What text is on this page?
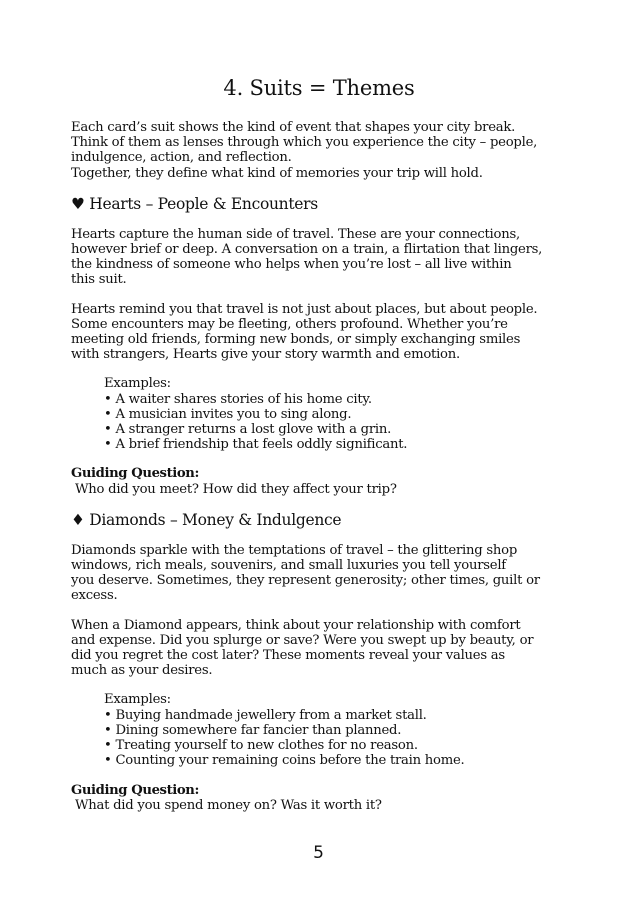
4. Suits = Themes

Each card’s suit shows the kind of event that shapes your city break.
Think of them as lenses through which you experience the city – people,
indulgence, action, and reflection.
Together, they define what kind of memories your trip will hold.

♥ Hearts – People & Encounters

Hearts capture the human side of travel. These are your connections,
however brief or deep. A conversation on a train, a flirtation that lingers,
the kindness of someone who helps when you’re lost – all live within
this suit.

Hearts remind you that travel is not just about places, but about people.
Some encounters may be fleeting, others profound. Whether you’re
meeting old friends, forming new bonds, or simply exchanging smiles
with strangers, Hearts give your story warmth and emotion.

Examples:
• A waiter shares stories of his home city.
• A musician invites you to sing along.
• A stranger returns a lost glove with a grin.
• A brief friendship that feels oddly significant.
Guiding Question:
Who did you meet? How did they affect your trip?
♦ Diamonds – Money & Indulgence

Diamonds sparkle with the temptations of travel – the glittering shop
windows, rich meals, souvenirs, and small luxuries you tell yourself
you deserve. Sometimes, they represent generosity; other times, guilt or
excess.

When a Diamond appears, think about your relationship with comfort
and expense. Did you splurge or save? Were you swept up by beauty, or
did you regret the cost later? These moments reveal your values as
much as your desires.

Examples:
• Buying handmade jewellery from a market stall.
• Dining somewhere far fancier than planned.
• Treating yourself to new clothes for no reason.
• Counting your remaining coins before the train home.
Guiding Question:
What did you spend money on? Was it worth it?
5
